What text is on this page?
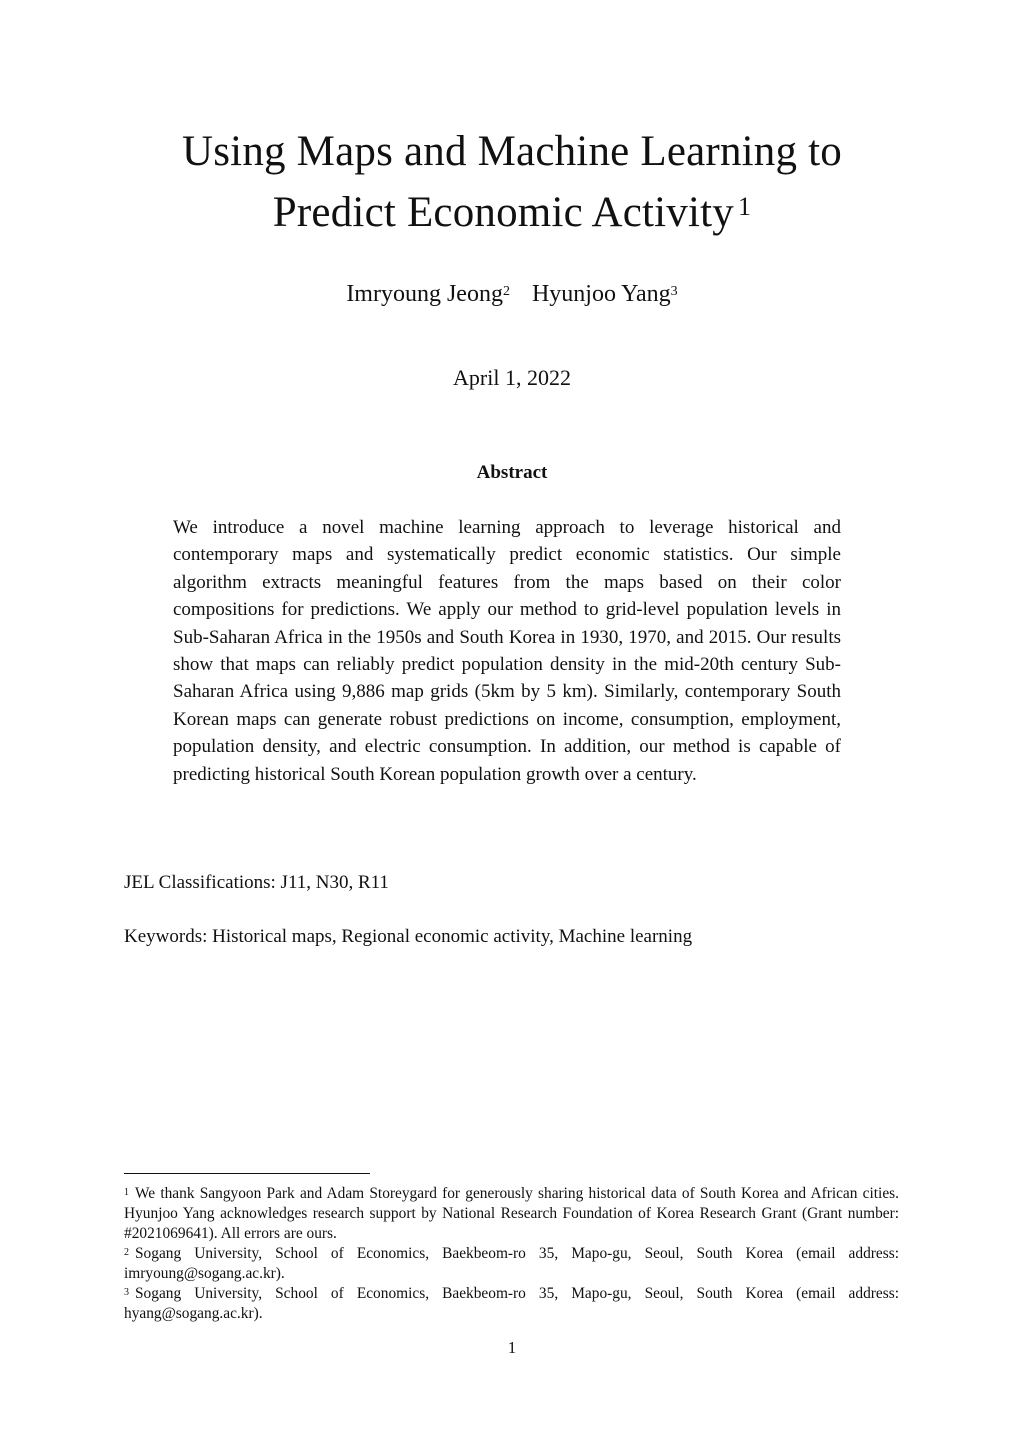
Using Maps and Machine Learning to
Predict Economic Activity $^1$
Imryoung Jeong$^2$ Hyunjoo Yang$^3$
April 1, 2022
Abstract
We introduce a novel machine learning approach to leverage historical and contemporary maps and systematically predict economic statistics. Our simple algorithm extracts meaningful features from the maps based on their color compositions for predictions. We apply our method to grid-level population levels in Sub-Saharan Africa in the 1950s and South Korea in 1930, 1970, and 2015. Our results show that maps can reliably predict population density in the mid-20th century Sub-Saharan Africa using 9,886 map grids (5km by 5 km). Similarly, contemporary South Korean maps can generate robust predictions on income, consumption, employment, population density, and electric consumption. In addition, our method is capable of predicting historical South Korean population growth over a century.
JEL Classifications: J11, N30, R11
Keywords: Historical maps, Regional economic activity, Machine learning

$^1$ We thank Sangyoon Park and Adam Storeygard for generously sharing historical data of South Korea and African cities. Hyunjoo Yang acknowledges research support by National Research Foundation of Korea Research Grant (Grant number: #2021069641). All errors are ours.

$^2$ Sogang University, School of Economics, Baekbeom-ro 35, Mapo-gu, Seoul, South Korea (email address: imryoung@sogang.ac.kr).

$^3$ Sogang University, School of Economics, Baekbeom-ro 35, Mapo-gu, Seoul, South Korea (email address: hyang@sogang.ac.kr).

1
